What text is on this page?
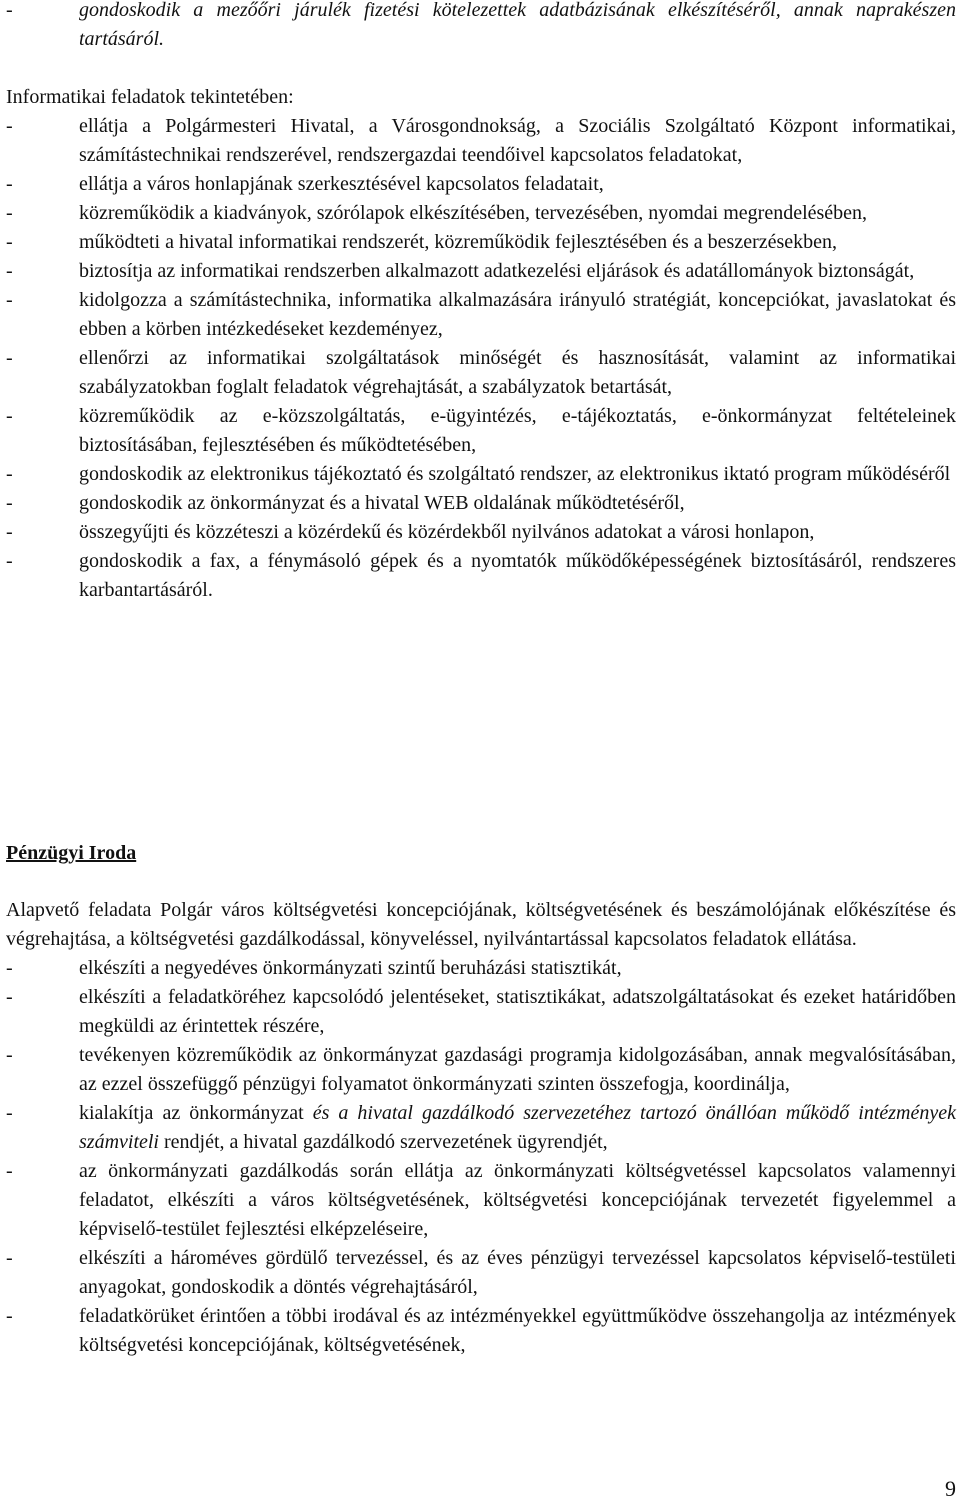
-	gondoskodik a mezőőri járulék fizetési kötelezettek adatbázisának elkészítéséről, annak naprakészen tartásáról.
Informatikai feladatok tekintetében:
-	ellátja a Polgármesteri Hivatal, a Városgondnokság, a Szociális Szolgáltató Központ informatikai, számítástechnikai rendszerével, rendszergazdai teendőivel kapcsolatos feladatokat,
-	ellátja a város honlapjának szerkesztésével kapcsolatos feladatait,
-	közreműködik a kiadványok, szórólapok elkészítésében, tervezésében, nyomdai megrendelésében,
-	működteti a hivatal informatikai rendszerét, közreműködik fejlesztésében és a beszerzésekben,
-	biztosítja az informatikai rendszerben alkalmazott adatkezelési eljárások és adatállományok biztonságát,
-	kidolgozza a számítástechnika, informatika alkalmazására irányuló stratégiát, koncepciókat, javaslatokat és ebben a körben intézkedéseket kezdeményez,
-	ellenőrzi az informatikai szolgáltatások minőségét és hasznosítását, valamint az informatikai szabályzatokban foglalt feladatok végrehajtását, a szabályzatok betartását,
-	közreműködik az e-közszolgáltatás, e-ügyintézés, e-tájékoztatás, e-önkormányzat feltételeinek biztosításában, fejlesztésében és működtetésében,
-	gondoskodik az elektronikus tájékoztató és szolgáltató rendszer, az elektronikus iktató program működéséről
-	gondoskodik az önkormányzat és a hivatal WEB oldalának működtetéséről,
-	összegyűjti és közzéteszi a közérdekű és közérdekből nyilvános adatokat a városi honlapon,
-	gondoskodik a fax, a fénymásoló gépek és a nyomtatók működőképességének biztosításáról, rendszeres karbantartásáról.
Pénzügyi Iroda
Alapvető feladata Polgár város költségvetési koncepciójának, költségvetésének és beszámolójának előkészítése és végrehajtása, a költségvetési gazdálkodással, könyveléssel, nyilvántartással kapcsolatos feladatok ellátása.
-	elkészíti a negyedéves önkormányzati szintű beruházási statisztikát,
-	elkészíti a feladatköréhez kapcsolódó jelentéseket, statisztikákat, adatszolgáltatásokat és ezeket határidőben megküldi az érintettek részére,
-	tevékenyen közreműködik az önkormányzat gazdasági programja kidolgozásában, annak megvalósításában, az ezzel összefüggő pénzügyi folyamatot önkormányzati szinten összefogja, koordinálja,
-	kialakítja az önkormányzat és a hivatal gazdálkodó szervezetéhez tartozó önállóan működő intézmények számviteli rendjét, a hivatal gazdálkodó szervezetének ügyrendjét,
-	az önkormányzati gazdálkodás során ellátja az önkormányzati költségvetéssel kapcsolatos valamennyi feladatot, elkészíti a város költségvetésének, költségvetési koncepciójának tervezetét figyelemmel a képviselő-testület fejlesztési elképzeléseire,
-	elkészíti a hároméves gördülő tervezéssel, és az éves pénzügyi tervezéssel kapcsolatos képviselő-testületi anyagokat, gondoskodik a döntés végrehajtásáról,
-	feladatkörüket érintően a többi irodával és az intézményekkel együttműködve összehangolja az intézmények költségvetési koncepciójának, költségvetésének,
9
